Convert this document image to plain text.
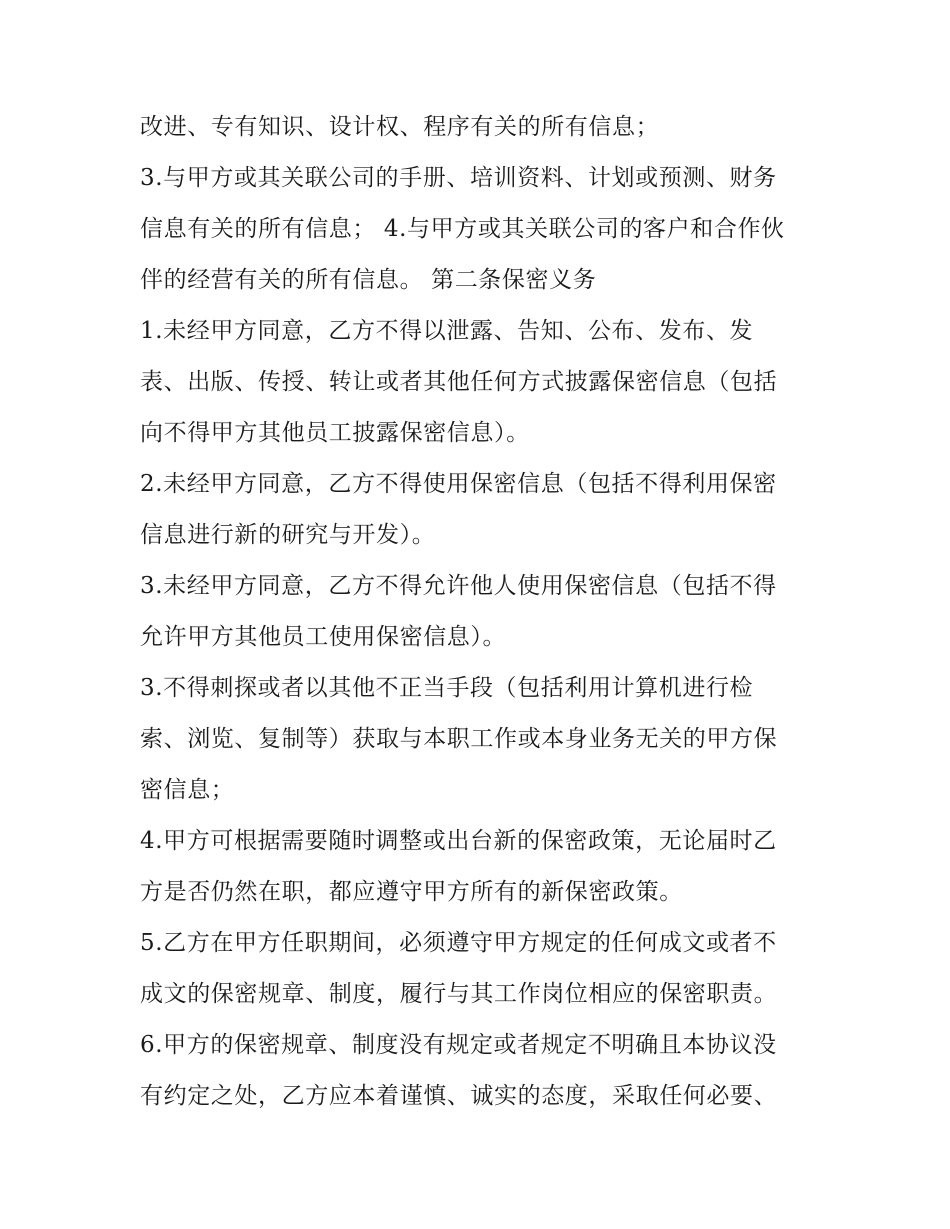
改进、专有知识、设计权、程序有关的所有信息；
3.与甲方或其关联公司的手册、培训资料、计划或预测、财务
信息有关的所有信息； 4.与甲方或其关联公司的客户和合作伙
伴的经营有关的所有信息。 第二条保密义务
1.未经甲方同意，乙方不得以泄露、告知、公布、发布、发
表、出版、传授、转让或者其他任何方式披露保密信息（包括
向不得甲方其他员工披露保密信息）。
2.未经甲方同意，乙方不得使用保密信息（包括不得利用保密
信息进行新的研究与开发）。
3.未经甲方同意，乙方不得允许他人使用保密信息（包括不得
允许甲方其他员工使用保密信息）。
3.不得刺探或者以其他不正当手段（包括利用计算机进行检
索、浏览、复制等）获取与本职工作或本身业务无关的甲方保
密信息；
4.甲方可根据需要随时调整或出台新的保密政策，无论届时乙
方是否仍然在职，都应遵守甲方所有的新保密政策。
5.乙方在甲方任职期间，必须遵守甲方规定的任何成文或者不
成文的保密规章、制度，履行与其工作岗位相应的保密职责。
6.甲方的保密规章、制度没有规定或者规定不明确且本协议没
有约定之处，乙方应本着谨慎、诚实的态度，采取任何必要、
